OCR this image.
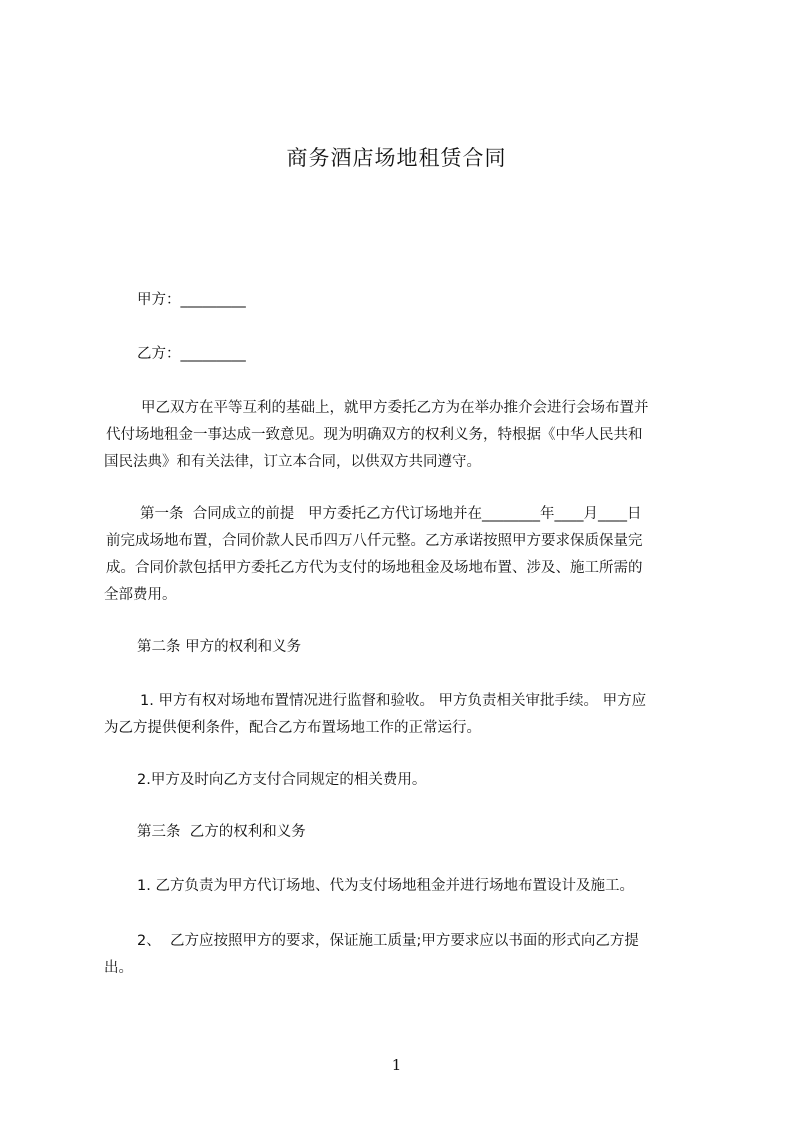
商务酒店场地租赁合同
甲方：_________
乙方：_________
甲乙双方在平等互利的基础上，就甲方委托乙方为在举办推介会进行会场布置并
代付场地租金一事达成一致意见。现为明确双方的权利义务，特根据《中华人民共和
国民法典》和有关法律，订立本合同，以供双方共同遵守。
第一条  合同成立的前提   甲方委托乙方代订场地并在________年____月____日
前完成场地布置，合同价款人民币四万八仟元整。乙方承诺按照甲方要求保质保量完
成。合同价款包括甲方委托乙方代为支付的场地租金及场地布置、涉及、施工所需的
全部费用。
第二条 甲方的权利和义务
1. 甲方有权对场地布置情况进行监督和验收。 甲方负责相关审批手续。 甲方应
为乙方提供便利条件，配合乙方布置场地工作的正常运行。
2.甲方及时向乙方支付合同规定的相关费用。
第三条  乙方的权利和义务
1. 乙方负责为甲方代订场地、代为支付场地租金并进行场地布置设计及施工。
2、  乙方应按照甲方的要求，保证施工质量;甲方要求应以书面的形式向乙方提
出。
1
